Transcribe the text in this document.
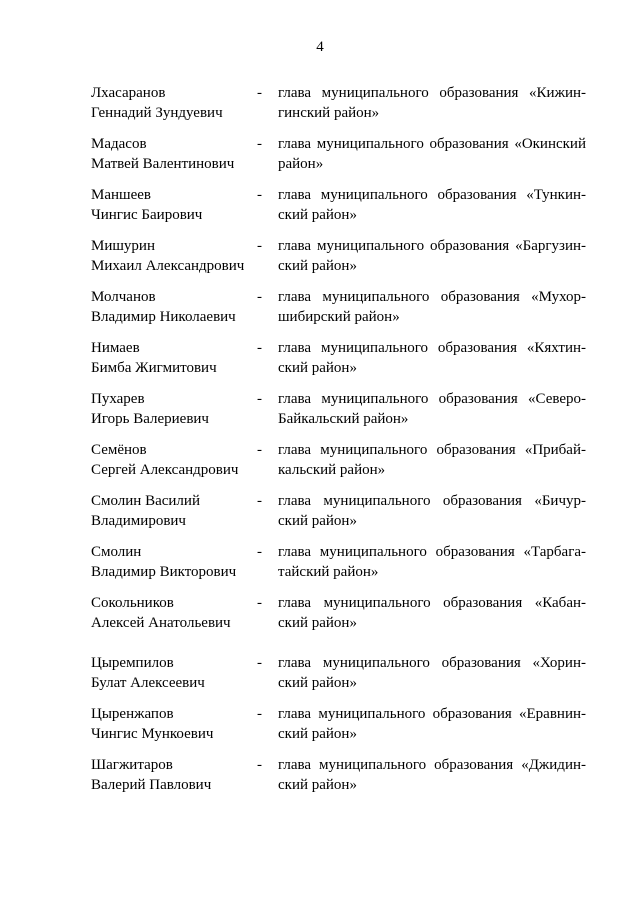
4
Лхасаранов
Геннадий Зундуевич
-	глава муниципального образования «Кижин-
гинский район»
Мадасов
Матвей Валентинович
-	глава муниципального образования «Окинский
район»
Маншеев
Чингис Баирович
-	глава муниципального образования «Тункин-
ский район»
Мишурин
Михаил Александрович
-	глава муниципального образования «Баргузин-
ский район»
Молчанов
Владимир Николаевич
-	глава муниципального образования «Мухор-
шибирский район»
Нимаев
Бимба Жигмитович
-	глава муниципального образования «Кяхтин-
ский район»
Пухарев
Игорь Валериевич
-	глава муниципального образования «Северо-
Байкальский район»
Семёнов
Сергей Александрович
-	глава муниципального образования «Прибай-
кальский район»
Смолин Василий
Владимирович
-	глава муниципального образования «Бичур-
ский район»
Смолин
Владимир Викторович
-	глава муниципального образования «Тарбага-
тайский район»
Сокольников
Алексей Анатольевич
-	глава муниципального образования «Кабан-
ский район»
Цыремпилов
Булат Алексеевич
-	глава муниципального образования «Хорин-
ский район»
Цыренжапов
Чингис Мункоевич
-	глава муниципального образования «Еравнин-
ский район»
Шагжитаров
Валерий Павлович
-	глава муниципального образования «Джидин-
ский район»
